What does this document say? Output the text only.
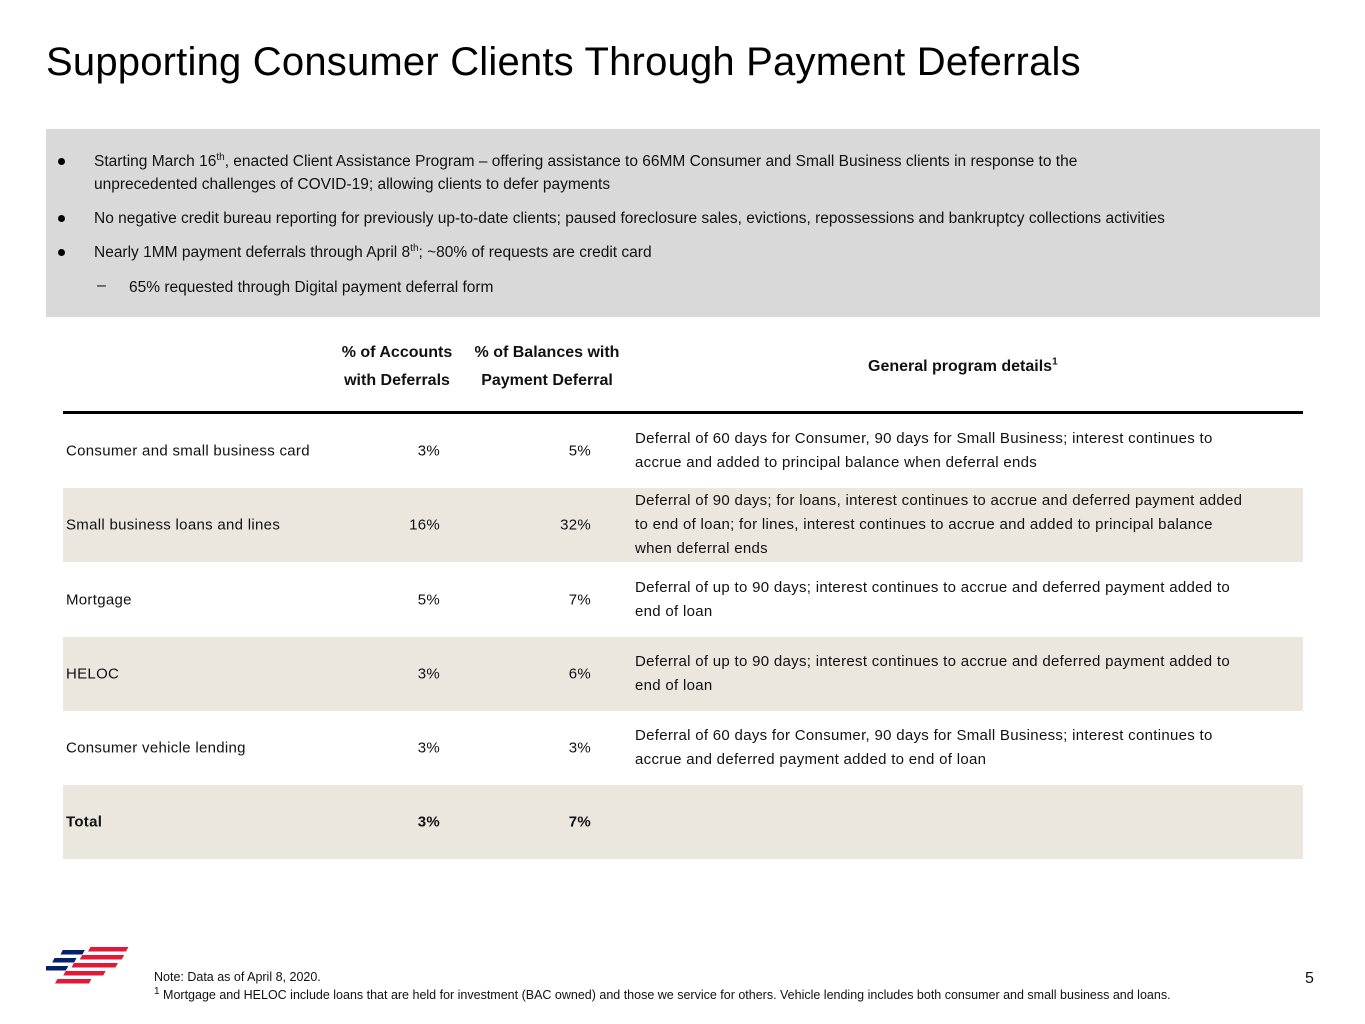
Supporting Consumer Clients Through Payment Deferrals
Starting March 16th, enacted Client Assistance Program – offering assistance to 66MM Consumer and Small Business clients in response to the
unprecedented challenges of COVID-19; allowing clients to defer payments
No negative credit bureau reporting for previously up-to-date clients; paused foreclosure sales, evictions, repossessions and bankruptcy collections activities
Nearly 1MM payment deferrals through April 8th; ~80% of requests are credit card
– 65% requested through Digital payment deferral form
% of Accounts
with Deferrals
% of Balances with
Payment Deferral
General program details$^1$
Consumer and small business card	3%	5%
Deferral of 60 days for Consumer, 90 days for Small Business; interest continues to
accrue and added to principal balance when deferral ends
Small business loans and lines	16%	32%
Deferral of 90 days; for loans, interest continues to accrue and deferred payment added
to end of loan; for lines, interest continues to accrue and added to principal balance
when deferral ends
Mortgage	5%	7%
Deferral of up to 90 days; interest continues to accrue and deferred payment added to
end of loan
HELOC	3%	6%
Deferral of up to 90 days; interest continues to accrue and deferred payment added to
end of loan
Consumer vehicle lending	3%	3%
Deferral of 60 days for Consumer, 90 days for Small Business; interest continues to
accrue and deferred payment added to end of loan
Total	3%	7%
Note: Data as of April 8, 2020.
$^1$ Mortgage and HELOC include loans that are held for investment (BAC owned) and those we service for others. Vehicle lending includes both consumer and small business and loans.
5
